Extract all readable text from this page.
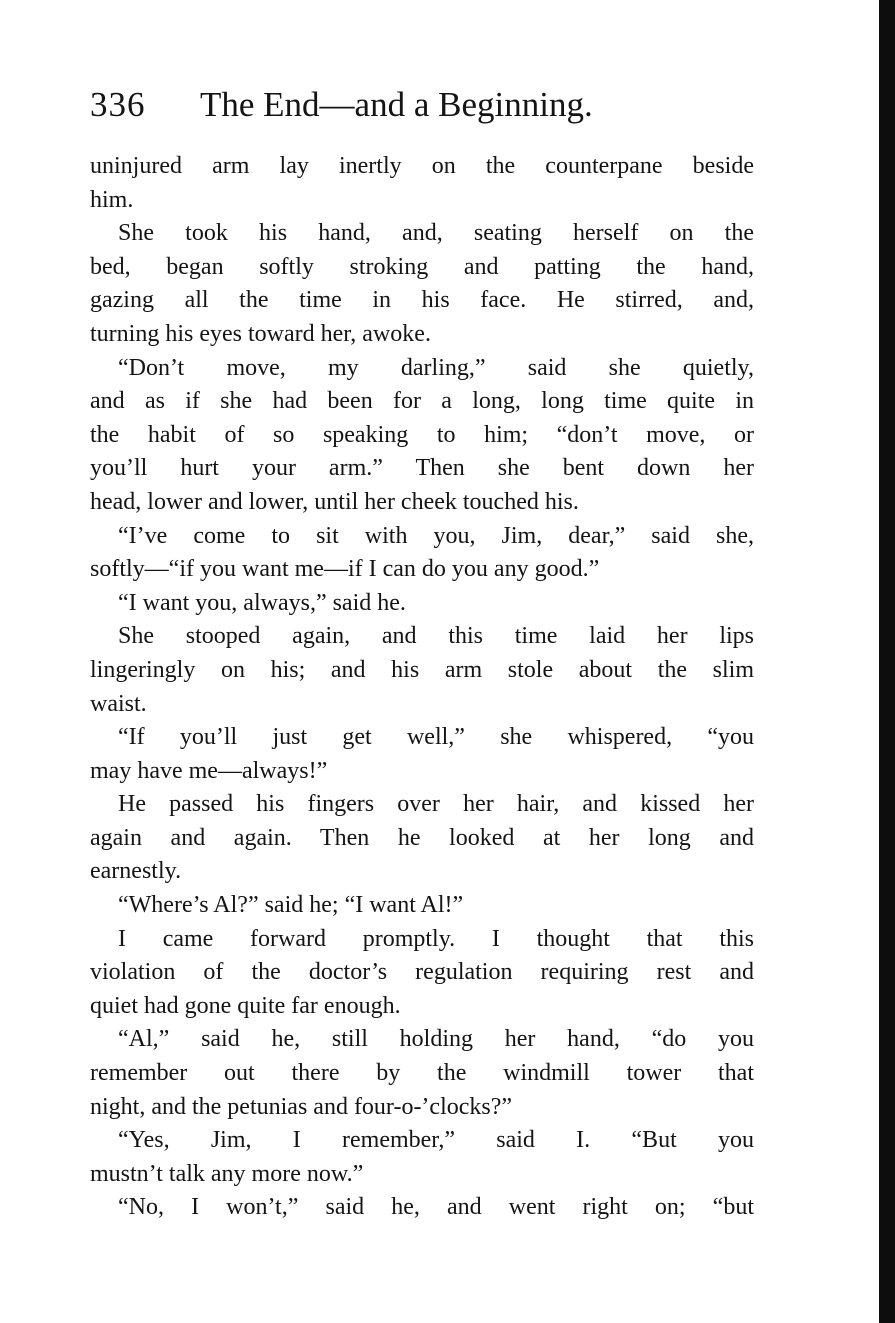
336 The End—and a Beginning.
uninjured arm lay inertly on the counterpane beside
him.
She took his hand, and, seating herself on the
bed, began softly stroking and patting the hand,
gazing all the time in his face. He stirred, and,
turning his eyes toward her, awoke.
“Don’t move, my darling,” said she quietly,
and as if she had been for a long, long time quite in
the habit of so speaking to him; “don’t move, or
you’ll hurt your arm.” Then she bent down her
head, lower and lower, until her cheek touched his.
“I’ve come to sit with you, Jim, dear,” said she,
softly—“if you want me—if I can do you any good.”
“I want you, always,” said he.
She stooped again, and this time laid her lips
lingeringly on his; and his arm stole about the slim
waist.
“If you’ll just get well,” she whispered, “you
may have me—always!”
He passed his fingers over her hair, and kissed her
again and again. Then he looked at her long and
earnestly.
“Where’s Al?” said he; “I want Al!”
I came forward promptly. I thought that this
violation of the doctor’s regulation requiring rest and
quiet had gone quite far enough.
“Al,” said he, still holding her hand, “do you
remember out there by the windmill tower that
night, and the petunias and four-o-’clocks?”
“Yes, Jim, I remember,” said I. “But you
mustn’t talk any more now.”
“No, I won’t,” said he, and went right on; “but
